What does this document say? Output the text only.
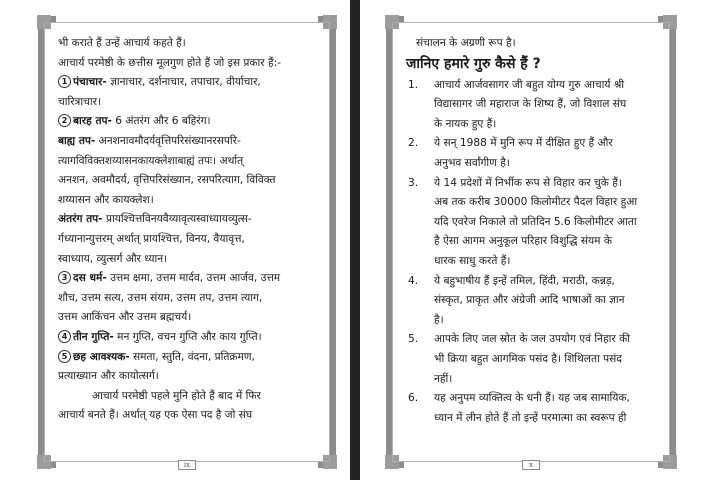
भी कराते हैं उन्हें आचार्य कहते हैं।

आचार्य परमेष्ठी के छत्तीस मूलगुण होते हैं जो इस प्रकार हैं:-

1 पंचाचार- ज्ञानाचार, दर्शनाचार, तपाचार, वीर्याचार,

चारित्राचार।

2 बारह तप- 6 अंतरंग और 6 बहिरंग।

बाह्य तप- अनशनावमौदर्यवृत्तिपरिसंख्यानरसपरि-

त्यागविविक्तशय्यासनकायक्लेशाबाह्यं तपः। अर्थात्

अनशन, अवमौदर्य, वृत्तिपरिसंख्यान, रसपरित्याग, विविक्त

शय्यासन और कायक्लेश।

अंतरंग तप- प्रायश्चित्तविनयवैय्यावृत्यस्वाध्यायव्युत्स-

र्गध्यानान्युत्तरम् अर्थात् प्रायश्चित्त, विनय, वैयावृत्त,

स्वाध्याय, व्युत्सर्ग और ध्यान।

3 दस धर्म- उत्तम क्षमा, उत्तम मार्दव, उत्तम आर्जव, उत्तम

शौच, उत्तम सत्य, उत्तम संयम, उत्तम तप, उत्तम त्याग,

उत्तम आकिंचन और उत्तम ब्रह्मचर्य।

4 तीन गुप्ति- मन गुप्ति, वचन गुप्ति और काय गुप्ति।

5 छह आवश्यक- समता, स्तुति, वंदना, प्रतिक्रमण,

प्रत्याख्यान और कायोत्सर्ग।

आचार्य परमेष्ठी पहले मुनि होते हैं बाद में फिर

आचार्य बनते हैं। अर्थात् यह एक ऐसा पद है जो संघ

ix

संचालन के अग्रणी रूप है।

जानिए हमारे गुरु कैसे हैं ?

1. आचार्य आर्जवसागर जी बहुत योग्य गुरु आचार्य श्री

विद्यासागर जी महाराज के शिष्य हैं, जो विशाल संघ

के नायक हुए हैं।

2. ये सन् 1988 में मुनि रूप में दीक्षित हुए हैं और

अनुभव सर्वांगीण है।

3. ये 14 प्रदेशों में निर्भीक रूप से विहार कर चुके हैं।

अब तक करीब 30000 किलोमीटर पैदल विहार हुआ

यदि एवरेज निकाले तो प्रतिदिन 5.6 किलोमीटर आता

है ऐसा आगम अनुकूल परिहार विशुद्धि संयम के

धारक साधु करते हैं।

4. ये बहुभाषीय हैं इन्हें तमिल, हिंदी, मराठी, कन्नड़,

संस्कृत, प्राकृत और अंग्रेजी आदि भाषाओं का ज्ञान

है।

5. आपके लिए जल स्रोत के जल उपयोग एवं निहार की

भी क्रिया बहुत आगमिक पसंद है। शिथिलता पसंद

नहीं।

6. यह अनुपम व्यक्तित्व के धनी हैं। यह जब सामायिक,

ध्यान में लीन होते हैं तो इन्हें परमात्मा का स्वरूप ही

x
